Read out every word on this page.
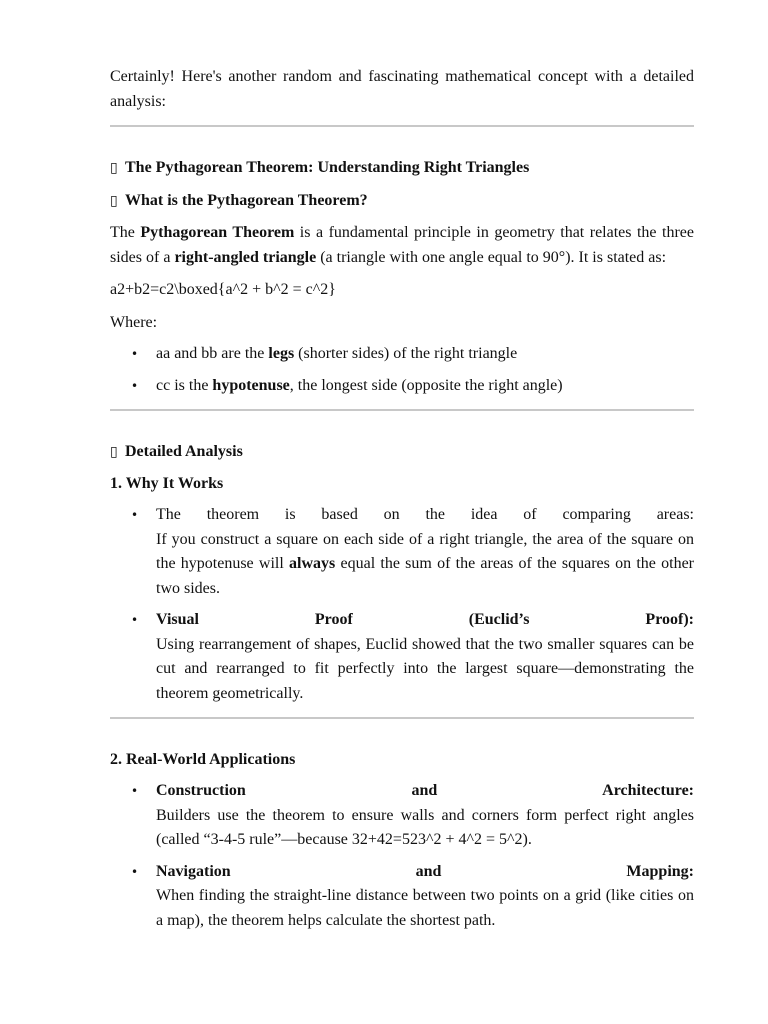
Certainly! Here's another random and fascinating mathematical concept with a detailed analysis:

▯ The Pythagorean Theorem: Understanding Right Triangles

▯ What is the Pythagorean Theorem?

The Pythagorean Theorem is a fundamental principle in geometry that relates the three sides of a right-angled triangle (a triangle with one angle equal to 90°). It is stated as:

a2+b2=c2\boxed{a^2 + b^2 = c^2}

Where:

• aa and bb are the legs (shorter sides) of the right triangle
• cc is the hypotenuse, the longest side (opposite the right angle)

▯ Detailed Analysis

1. Why It Works

• The theorem is based on the idea of comparing areas:
If you construct a square on each side of a right triangle, the area of the square on the hypotenuse will always equal the sum of the areas of the squares on the other two sides.
• Visual Proof (Euclid’s Proof):
Using rearrangement of shapes, Euclid showed that the two smaller squares can be cut and rearranged to fit perfectly into the largest square—demonstrating the theorem geometrically.

2. Real-World Applications

• Construction and Architecture:
Builders use the theorem to ensure walls and corners form perfect right angles (called “3-4-5 rule”—because 32+42=523^2 + 4^2 = 5^2).
• Navigation and Mapping:
When finding the straight-line distance between two points on a grid (like cities on a map), the theorem helps calculate the shortest path.
